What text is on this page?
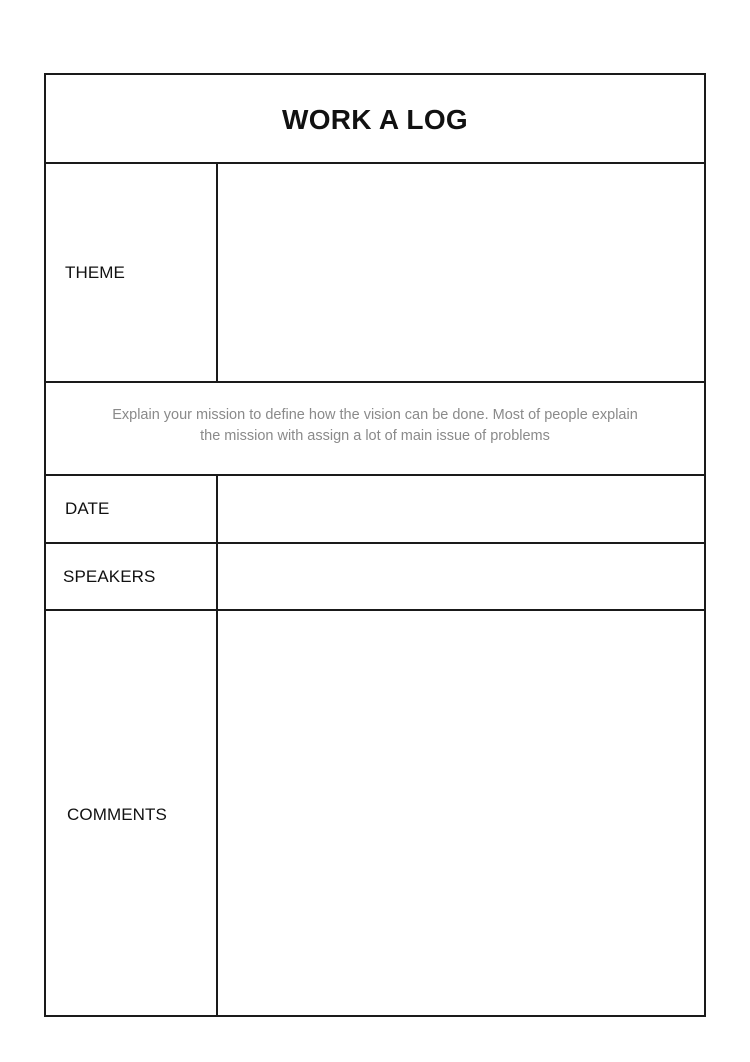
WORK A LOG
THEME

Explain your mission to define how the vision can be done. Most of people explain the mission with assign a lot of main issue of problems

DATE
SPEAKERS
COMMENTS
